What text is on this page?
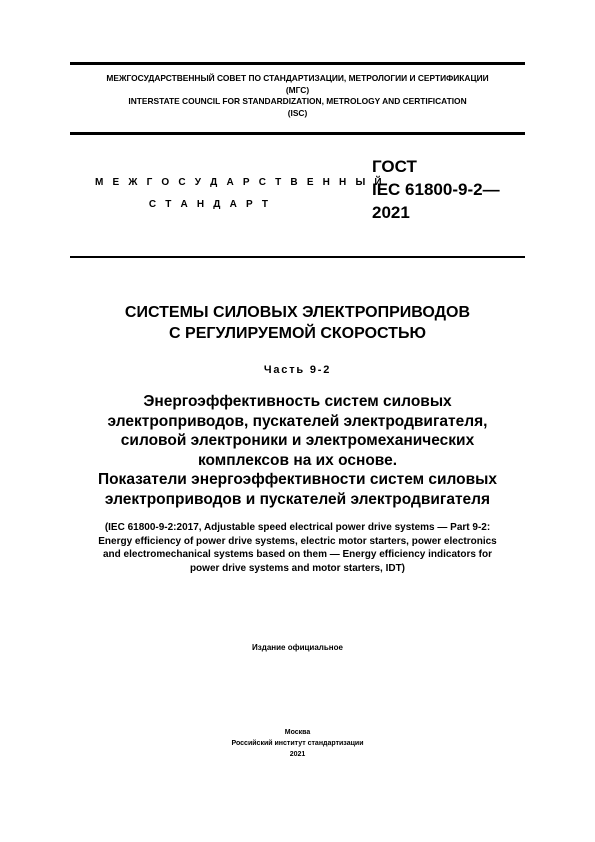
МЕЖГОСУДАРСТВЕННЫЙ СОВЕТ ПО СТАНДАРТИЗАЦИИ, МЕТРОЛОГИИ И СЕРТИФИКАЦИИ
(МГС)
INTERSTATE COUNCIL FOR STANDARDIZATION, METROLOGY AND CERTIFICATION
(ISC)
М Е Ж Г О С У Д А Р С Т В Е Н Н Ы Й
С Т А Н Д А Р Т
ГОСТ
IEC 61800-9-2—
2021
СИСТЕМЫ СИЛОВЫХ ЭЛЕКТРОПРИВОДОВ
С РЕГУЛИРУЕМОЙ СКОРОСТЬЮ
Часть 9-2
Энергоэффективность систем силовых
электроприводов, пускателей электродвигателя,
силовой электроники и электромеханических
комплексов на их основе.
Показатели энергоэффективности систем силовых
электроприводов и пускателей электродвигателя
(IEC 61800-9-2:2017, Adjustable speed electrical power drive systems — Part 9-2:
Energy efficiency of power drive systems, electric motor starters, power electronics
and electromechanical systems based on them — Energy efficiency indicators for
power drive systems and motor starters, IDT)
Издание официальное
Москва
Российский институт стандартизации
2021
